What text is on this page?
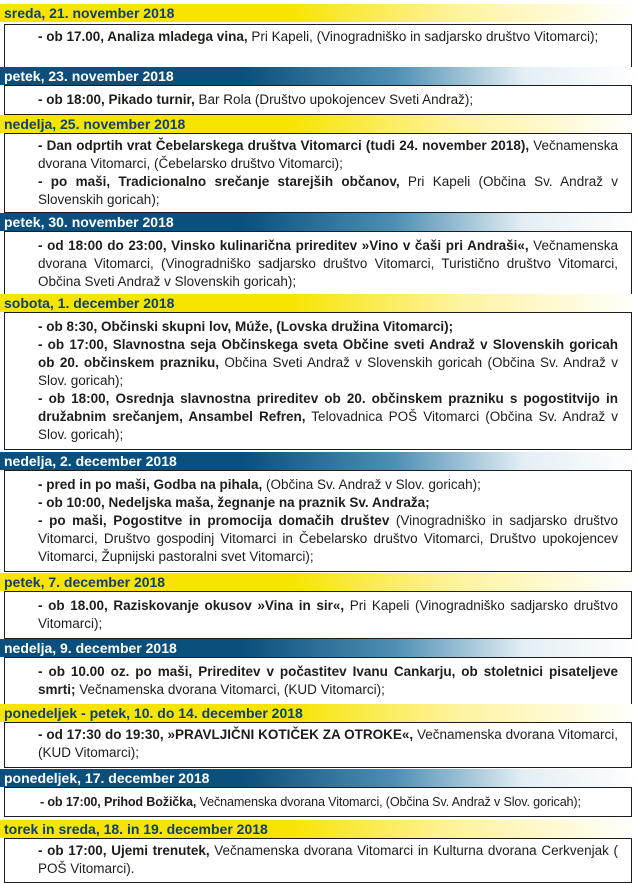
sreda, 21. november 2018
- ob 17.00, Analiza mladega vina, Pri Kapeli, (Vinogradniško in sadjarsko društvo Vitomarci);
petek, 23. november 2018
- ob 18:00, Pikado turnir, Bar Rola (Društvo upokojencev Sveti Andraž);
nedelja, 25. november 2018
- Dan odprtih vrat Čebelarskega društva Vitomarci (tudi 24. november 2018), Večnamenska dvorana Vitomarci, (Čebelarsko društvo Vitomarci);
- po maši, Tradicionalno srečanje starejših občanov, Pri Kapeli (Občina Sv. Andraž v Slovenskih goricah);
petek, 30. november 2018
- od 18:00 do 23:00, Vinsko kulinarična prireditev »Vino v čaši pri Andraši«, Večnamenska dvorana Vitomarci, (Vinogradniško sadjarsko društvo Vitomarci, Turistično društvo Vitomarci, Občina Sveti Andraž v Slovenskih goricah);
sobota, 1. december 2018
- ob 8:30, Občinski skupni lov, Múže, (Lovska družina Vitomarci);
- ob 17:00, Slavnostna seja Občinskega sveta Občine sveti Andraž v Slovenskih goricah ob 20. občinskem prazniku, Občina Sveti Andraž v Slovenskih goricah (Občina Sv. Andraž v Slov. goricah);
- ob 18:00, Osrednja slavnostna prireditev ob 20. občinskem prazniku s pogostitvijo in družabnim srečanjem, Ansambel Refren, Telovadnica POŠ Vitomarci (Občina Sv. Andraž v Slov. goricah);
nedelja, 2. december 2018
- pred in po maši, Godba na pihala, (Občina Sv. Andraž v Slov. goricah);
- ob 10:00, Nedeljska maša, žegnanje na praznik Sv. Andraža;
- po maši, Pogostitve in promocija domačih društev (Vinogradniško in sadjarsko društvo Vitomarci, Društvo gospodinj Vitomarci in Čebelarsko društvo Vitomarci, Društvo upokojencev Vitomarci, Župnijski pastoralni svet Vitomarci);
petek, 7. december 2018
- ob 18.00, Raziskovanje okusov »Vina in sir«, Pri Kapeli (Vinogradniško sadjarsko društvo Vitomarci);
nedelja, 9. december 2018
- ob 10.00 oz. po maši, Prireditev v počastitev Ivanu Cankarju, ob stoletnici pisateljeve smrti; Večnamenska dvorana Vitomarci, (KUD Vitomarci);
ponedeljek - petek, 10. do 14. december 2018
- od 17:30 do 19:30, »PRAVLJIČNI KOTIČEK ZA OTROKE«, Večnamenska dvorana Vitomarci, (KUD Vitomarci);
ponedeljek, 17. december 2018
- ob 17:00, Prihod Božička, Večnamenska dvorana Vitomarci, (Občina Sv. Andraž v Slov. goricah);
torek in sreda, 18. in 19. december 2018
- ob 17:00, Ujemi trenutek, Večnamenska dvorana Vitomarci in Kulturna dvorana Cerkvenjak ( POŠ Vitomarci).
